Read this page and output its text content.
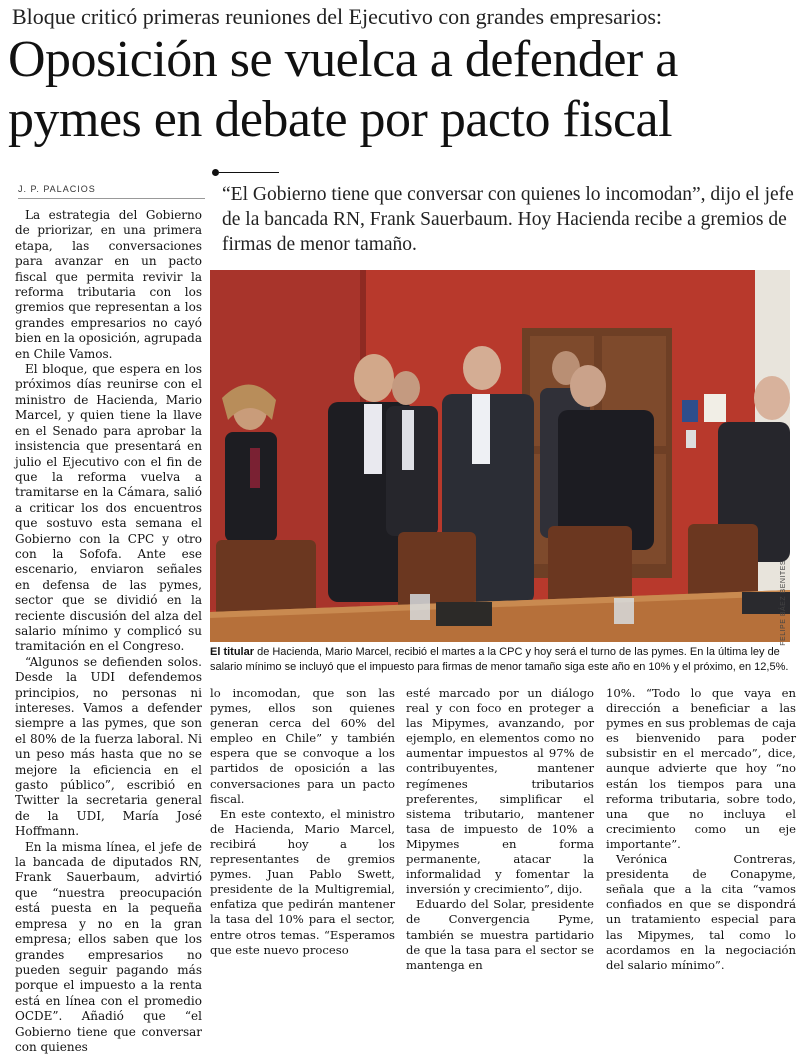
Bloque criticó primeras reuniones del Ejecutivo con grandes empresarios:
Oposición se vuelca a defender a pymes en debate por pacto fiscal
J. P. PALACIOS	“El Gobierno tiene que conversar con quienes lo incomodan”, dijo el jefe de la bancada RN, Frank Sauerbaum. Hoy Hacienda recibe a gremios de firmas de menor tamaño.

La estrategia del Gobierno de priorizar, en una primera etapa, las conversaciones para avanzar en un pacto fiscal que permita revivir la reforma tributaria con los gremios que representan a los grandes empresarios no cayó bien en la oposición, agrupada en Chile Vamos.

El bloque, que espera en los próximos días reunirse con el ministro de Hacienda, Mario Marcel, y quien tiene la llave en el Senado para aprobar la insistencia que presentará en julio el Ejecutivo con el fin de que la reforma vuelva a tramitarse en la Cámara, salió a criticar los dos encuentros que sostuvo esta semana el Gobierno con la CPC y otro con la Sofofa. Ante ese escenario, enviaron señales en defensa de las pymes, sector que se dividió en la reciente discusión del alza del salario mínimo y complicó su tramitación en el Congreso.

“Algunos se defienden solos. Desde la UDI defendemos principios, no personas ni intereses. Vamos a defender siempre a las pymes, que son el 80% de la fuerza laboral. Ni un peso más hasta que no se mejore la eficiencia en el gasto público”, escribió en Twitter la secretaria general de la UDI, María José Hoffmann.

En la misma línea, el jefe de la bancada de diputados RN, Frank Sauerbaum, advirtió que “nuestra preocupación está puesta en la pequeña empresa y no en la gran empresa; ellos saben que los grandes empresarios no pueden seguir pagando más porque el impuesto a la renta está en línea con el promedio OCDE”. Añadió que “el Gobierno tiene que conversar con quienes

FELIPE BÁEZ BENITES
El titular de Hacienda, Mario Marcel, recibió el martes a la CPC y hoy será el turno de las pymes. En la última ley de salario mínimo se incluyó que el impuesto para firmas de menor tamaño siga este año en 10% y el próximo, en 12,5%.

lo incomodan, que son las pymes, ellos son quienes generan cerca del 60% del empleo en Chile” y también espera que se convoque a los partidos de oposición a las conversaciones para un pacto fiscal.

En este contexto, el ministro de Hacienda, Mario Marcel, recibirá hoy a los representantes de gremios pymes. Juan Pablo Swett, presidente de la Multigremial, enfatiza que pedirán mantener la tasa del 10% para el sector, entre otros temas. “Esperamos que este nuevo proceso

esté marcado por un diálogo real y con foco en proteger a las Mipymes, avanzando, por ejemplo, en elementos como no aumentar impuestos al 97% de contribuyentes, mantener regímenes tributarios preferentes, simplificar el sistema tributario, mantener tasa de impuesto de 10% a Mipymes en forma permanente, atacar la informalidad y fomentar la inversión y crecimiento”, dijo.

Eduardo del Solar, presidente de Convergencia Pyme, también se muestra partidario de que la tasa para el sector se mantenga en

10%. “Todo lo que vaya en dirección a beneficiar a las pymes en sus problemas de caja es bienvenido para poder subsistir en el mercado”, dice, aunque advierte que hoy “no están los tiempos para una reforma tributaria, sobre todo, una que no incluya el crecimiento como un eje importante”.

Verónica Contreras, presidenta de Conapyme, señala que a la cita “vamos confiados en que se dispondrá un tratamiento especial para las Mipymes, tal como lo acordamos en la negociación del salario mínimo”.
